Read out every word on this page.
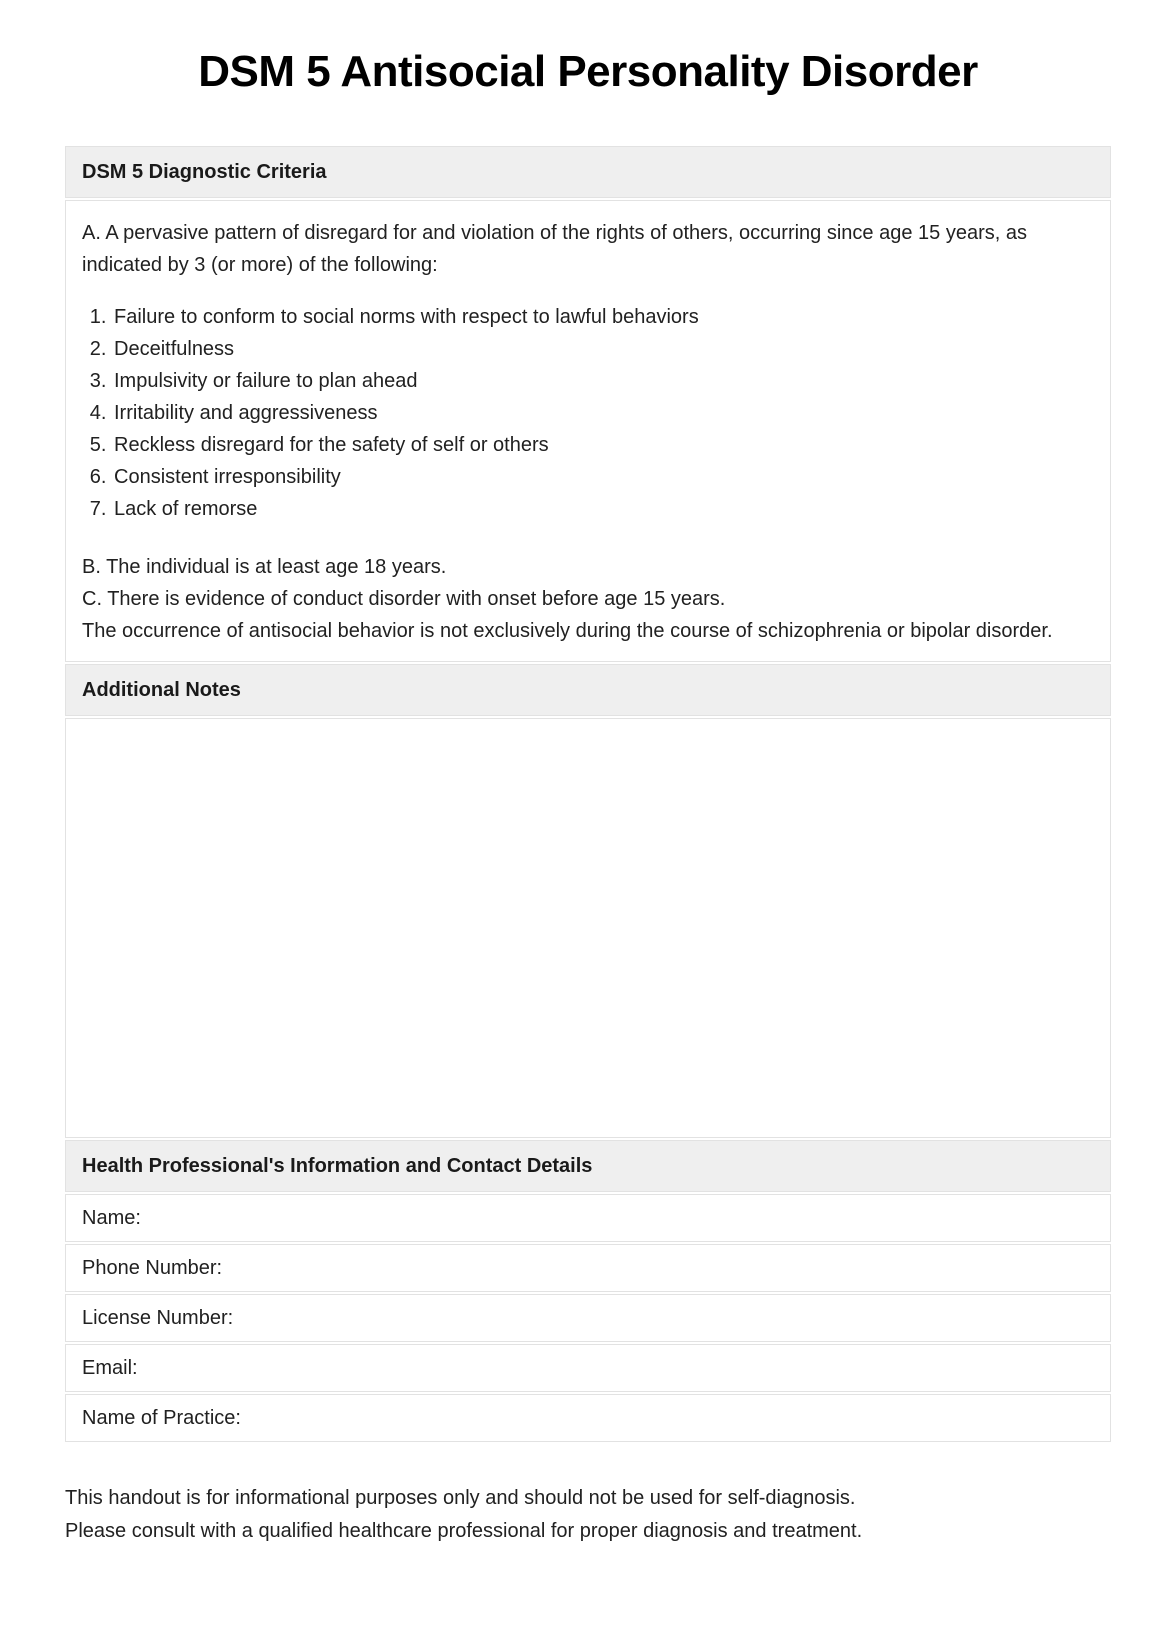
DSM 5 Antisocial Personality Disorder
DSM 5 Diagnostic Criteria

A. A pervasive pattern of disregard for and violation of the rights of others, occurring since age 15 years, as indicated by 3 (or more) of the following:

1. Failure to conform to social norms with respect to lawful behaviors
2. Deceitfulness
3. Impulsivity or failure to plan ahead
4. Irritability and aggressiveness
5. Reckless disregard for the safety of self or others
6. Consistent irresponsibility
7. Lack of remorse

B. The individual is at least age 18 years.

C. There is evidence of conduct disorder with onset before age 15 years.

The occurrence of antisocial behavior is not exclusively during the course of schizophrenia or bipolar disorder.

Additional Notes
Health Professional's Information and Contact Details
Name:
Phone Number:
License Number:
Email:
Name of Practice:
This handout is for informational purposes only and should not be used for self-diagnosis.
Please consult with a qualified healthcare professional for proper diagnosis and treatment.
